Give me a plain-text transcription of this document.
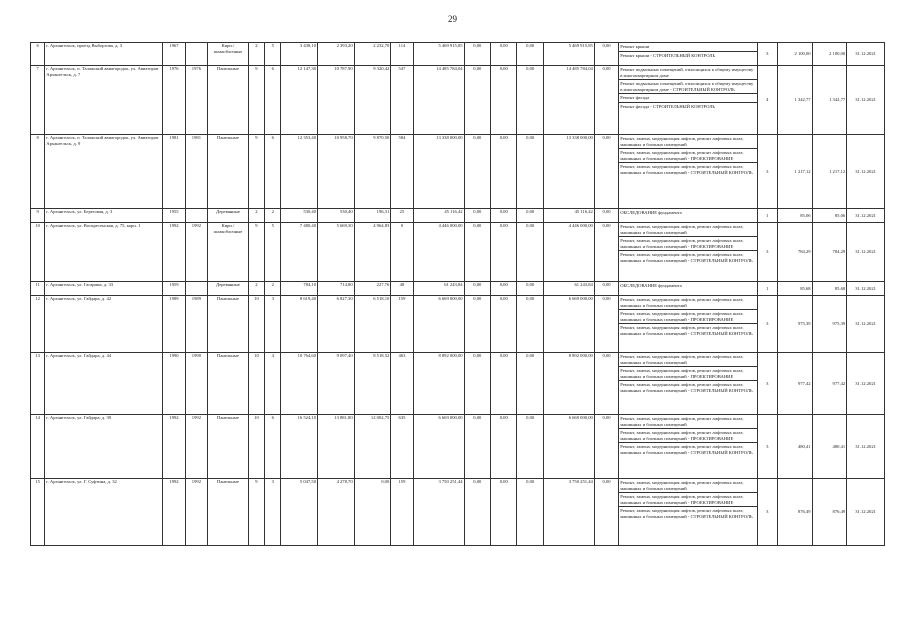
29
6	г. Архангельск, проезд Выборгова, д. 3	1967		Кирп./шлакоблочные	2	5	3 438,10	2 393,20	2 232,70	114	5 469 915,85	0,00	0,00	0,00	5 469 915,85	0,00	Ремонт крыши
Ремонт крыши - СТРОИТЕЛЬНЫЙ КОНТРОЛЬ	3	2 100,00	2 100,00	31.12.2021
7	г. Архангельск, п. Талажский авиагородок, ул. Авиаторов Архангельск, д. 7	1976	1976	Панельные	9	6	12 147,30	10 787,90	9 320,42	547	14 485 784,04	0,00	0,00	0,00	14 485 784,04	0,00	Ремонт подвальных помещений, относящихся к общему имуществу в многоквартирном доме
Ремонт подвальных помещений, относящихся к общему имуществу в многоквартирном доме - СТРОИТЕЛЬНЫЙ КОНТРОЛЬ
Ремонт фасада
Ремонт фасада - СТРОИТЕЛЬНЫЙ КОНТРОЛЬ	4	1 342,77	1 342,77	31.12.2021
8	г. Архангельск, п. Талажский авиагородок, ул. Авиаторов Архангельск, д. 9	1981	1981	Панельные	9	6	12 353,40	10 958,70	9 870,50	584	13 338 000,00	0,00	0,00	0,00	13 338 000,00	0,00	Ремонт, замена, модернизация лифтов, ремонт лифтовых шахт, машинных и блочных помещений
Ремонт, замена, модернизация лифтов, ремонт лифтовых шахт, машинных и блочных помещений - ПРОЕКТИРОВАНИЕ
Ремонт, замена, модернизация лифтов, ремонт лифтовых шахт, машинных и блочных помещений - СТРОИТЕЛЬНЫЙ КОНТРОЛЬ	3	1 217,12	1 217,12	31.12.2021
9	г. Архангельск, ул. Береговая, д. 3	1955		Деревянные	2	2	530,40	530,40	196,31	25	45 116,42	0,00	0,00	0,00	45 116,42	0,00	ОБСЛЕДОВАНИЕ фундамента	1	85,06	85,06	31.12.2021
10	г. Архангельск, ул. Воскресенская, д. 75, корп. 1	1992	1992	Кирп./шлакоблочные	9	5	7 480,40	5 669,30	4 964,83	0	4 446 000,00	0,00	0,00	0,00	4 446 000,00	0,00	Ремонт, замена, модернизация лифтов, ремонт лифтовых шахт, машинных и блочных помещений
Ремонт, замена, модернизация лифтов, ремонт лифтовых шахт, машинных и блочных помещений - ПРОЕКТИРОВАНИЕ
Ремонт, замена, модернизация лифтов, ремонт лифтовых шахт, машинных и блочных помещений - СТРОИТЕЛЬНЫЙ КОНТРОЛЬ	3	784,29	784,29	31.12.2021
11	г. Архангельск, ул. Гагарина, д. 33	1959		Деревянные	2	2	784,10	714,80	227,76	48	61 243,84	0,00	0,00	0,00	61 243,84	0,00	ОБСЛЕДОВАНИЕ фундамента	1	85,68	85,68	31.12.2021
12	г. Архангельск, ул. Гайдара, д. 42	1989	1989	Панельные	10	3	8 619,40	6 827,30	6 518,10	159	6 669 000,00	0,00	0,00	0,00	6 669 000,00	0,00	Ремонт, замена, модернизация лифтов, ремонт лифтовых шахт, машинных и блочных помещений
Ремонт, замена, модернизация лифтов, ремонт лифтовых шахт, машинных и блочных помещений - ПРОЕКТИРОВАНИЕ
Ремонт, замена, модернизация лифтов, ремонт лифтовых шахт, машинных и блочных помещений - СТРОИТЕЛЬНЫЙ КОНТРОЛЬ	3	975,39	975,39	31.12.2021
13	г. Архангельск, ул. Гайдара, д. 44	1990	1990	Панельные	10	4	10 764,60	9 097,40	8 518,52	463	8 892 000,00	0,00	0,00	0,00	8 892 000,00	0,00	Ремонт, замена, модернизация лифтов, ремонт лифтовых шахт, машинных и блочных помещений
Ремонт, замена, модернизация лифтов, ремонт лифтовых шахт, машинных и блочных помещений - ПРОЕКТИРОВАНИЕ
Ремонт, замена, модернизация лифтов, ремонт лифтовых шахт, машинных и блочных помещений - СТРОИТЕЛЬНЫЙ КОНТРОЛЬ	3	977,42	977,42	31.12.2021
14	г. Архангельск, ул. Гайдара, д. 39	1992	1992	Панельные	10	6	16 524,10	13 881,80	12 002,75	635	6 669 000,00	0,00	0,00	0,00	6 669 000,00	0,00	Ремонт, замена, модернизация лифтов, ремонт лифтовых шахт, машинных и блочных помещений
Ремонт, замена, модернизация лифтов, ремонт лифтовых шахт, машинных и блочных помещений - ПРОЕКТИРОВАНИЕ
Ремонт, замена, модернизация лифтов, ремонт лифтовых шахт, машинных и блочных помещений - СТРОИТЕЛЬНЫЙ КОНТРОЛЬ	3	480,41	480,41	31.12.2021
15	г. Архангельск, ул. Г. Суфтина, д. 32	1992	1992	Панельные	9	3	5 047,50	4 278,70	0,00	159	3 750 251,44	0,00	0,00	0,00	3 750 251,44	0,00	Ремонт, замена, модернизация лифтов, ремонт лифтовых шахт, машинных и блочных помещений
Ремонт, замена, модернизация лифтов, ремонт лифтовых шахт, машинных и блочных помещений - ПРОЕКТИРОВАНИЕ
Ремонт, замена, модернизация лифтов, ремонт лифтовых шахт, машинных и блочных помещений - СТРОИТЕЛЬНЫЙ КОНТРОЛЬ	3	876,49	876,49	31.12.2021
